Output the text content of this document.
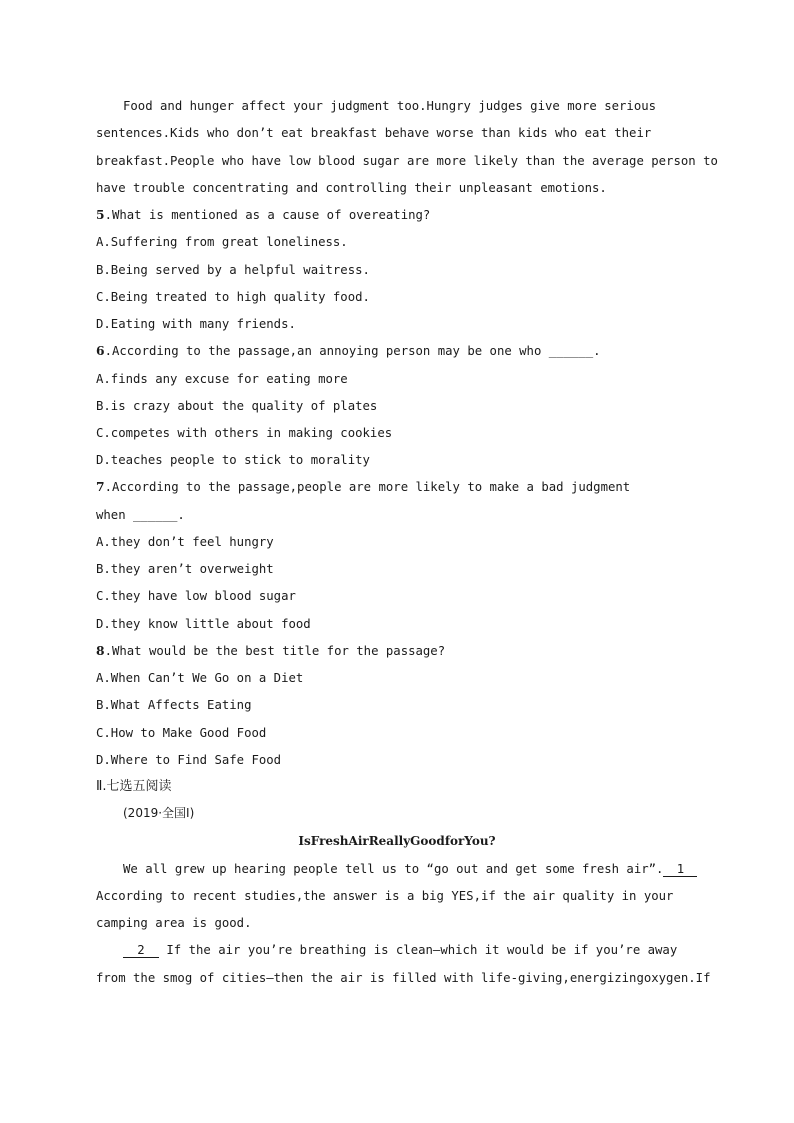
Food and hunger affect your judgment too.Hungry judges give more serious
sentences.Kids who don’t eat breakfast behave worse than kids who eat their
breakfast.People who have low blood sugar are more likely than the average person to
have trouble concentrating and controlling their unpleasant emotions.
5.What is mentioned as a cause of overeating?
A.Suffering from great loneliness.
B.Being served by a helpful waitress.
C.Being treated to high quality food.
D.Eating with many friends.
6.According to the passage,an annoying person may be one who ______.
A.finds any excuse for eating more
B.is crazy about the quality of plates
C.competes with others in making cookies
D.teaches people to stick to morality
7.According to the passage,people are more likely to make a bad judgment
when ______.
A.they don’t feel hungry
B.they aren’t overweight
C.they have low blood sugar
D.they know little about food
8.What would be the best title for the passage?
A.When Can’t We Go on a Diet
B.What Affects Eating
C.How to Make Good Food
D.Where to Find Safe Food
Ⅱ.七选五阅读
(2019·全国Ⅰ)
IsFreshAirReallyGoodforYou?
We all grew up hearing people tell us to “go out and get some fresh air”. 1
According to recent studies,the answer is a big YES,if the air quality in your
camping area is good.
2 If the air you’re breathing is clean—which it would be if you’re away
from the smog of cities—then the air is filled with life-giving,energizingoxygen.If
